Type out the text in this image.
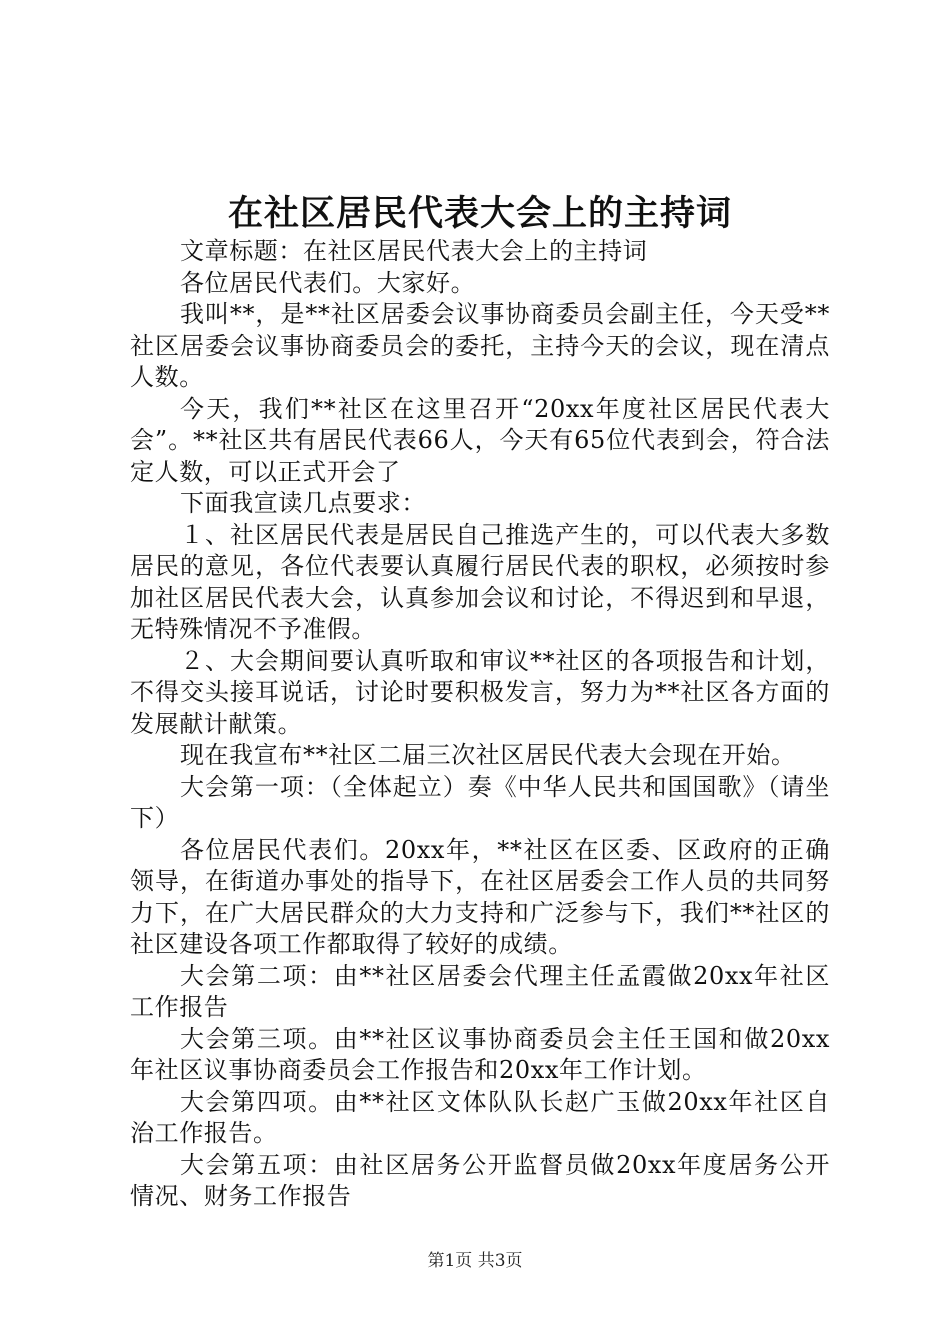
在社区居民代表大会上的主持词

文章标题：在社区居民代表大会上的主持词

各位居民代表们。大家好。

我叫**，是**社区居委会议事协商委员会副主任，今天受**社区居委会议事协商委员会的委托，主持今天的会议，现在清点人数。

今天，我们**社区在这里召开“20xx年度社区居民代表大会”。**社区共有居民代表66人，今天有65位代表到会，符合法定人数，可以正式开会了

下面我宣读几点要求：

１、社区居民代表是居民自己推选产生的，可以代表大多数居民的意见，各位代表要认真履行居民代表的职权，必须按时参加社区居民代表大会，认真参加会议和讨论，不得迟到和早退，无特殊情况不予准假。

２、大会期间要认真听取和审议**社区的各项报告和计划，不得交头接耳说话，讨论时要积极发言，努力为**社区各方面的发展献计献策。

现在我宣布**社区二届三次社区居民代表大会现在开始。

大会第一项：（全体起立）奏《中华人民共和国国歌》（请坐下）

各位居民代表们。20xx年，**社区在区委、区政府的正确领导，在街道办事处的指导下，在社区居委会工作人员的共同努力下，在广大居民群众的大力支持和广泛参与下，我们**社区的社区建设各项工作都取得了较好的成绩。

大会第二项：由**社区居委会代理主任孟霞做20xx年社区工作报告

大会第三项。由**社区议事协商委员会主任王国和做20xx年社区议事协商委员会工作报告和20xx年工作计划。

大会第四项。由**社区文体队队长赵广玉做20xx年社区自治工作报告。

大会第五项：由社区居务公开监督员做20xx年度居务公开情况、财务工作报告

第1页 共3页
